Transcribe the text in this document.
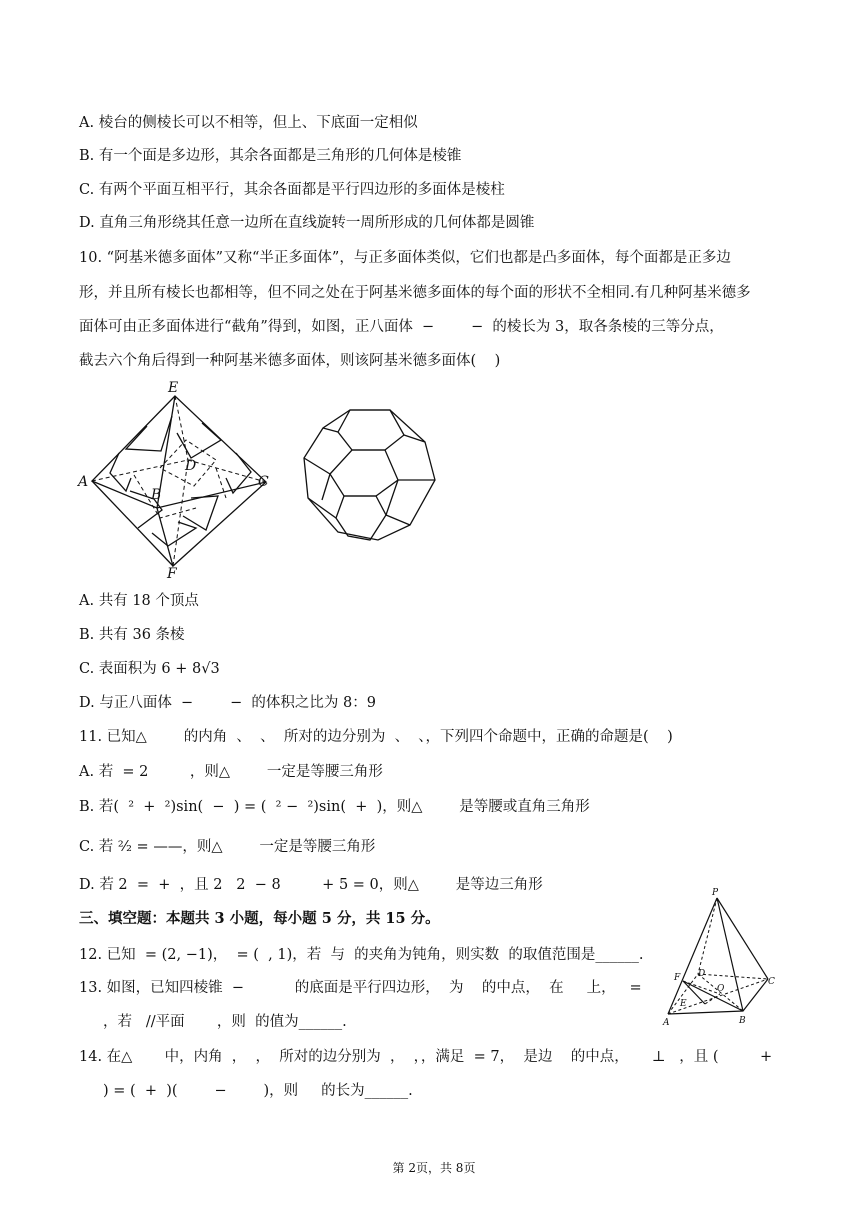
A. 棱台的侧棱长可以不相等，但上、下底面一定相似
B. 有一个面是多边形，其余各面都是三角形的几何体是棱锥
C. 有两个平面互相平行，其余各面都是平行四边形的多面体是棱柱
D. 直角三角形绕其任意一边所在直线旋转一周所形成的几何体都是圆锥
10. “阿基米德多面体”又称“半正多面体”，与正多面体类似，它们也都是凸多面体，每个面都是正多边
形，并且所有棱长也都相等，但不同之处在于阿基米德多面体的每个面的形状不全相同.有几种阿基米德多
面体可由正多面体进行“截角”得到，如图，正八面体  −        −  的棱长为 3，取各条棱的三等分点，
截去六个角后得到一种阿基米德多面体，则该阿基米德多面体(    )
E
A
B
C
D
F
A. 共有 18 个顶点
B. 共有 36 条棱
C. 表面积为 6 + 8√3
D. 与正八面体  −        −  的体积之比为 8：9
11. 已知△        的内角  、  、  所对的边分别为  、  、，下列四个命题中，正确的命题是(    )
A. 若  = 2         ，则△        一定是等腰三角形
B. 若(  ²  +  ²)sin(  −  ) = (  ² −  ²)sin(  +  )，则△        是等腰或直角三角形
C. 若 ²⁄₂ = ——，则△        一定是等腰三角形
D. 若 2  =  +  ，且 2   2  − 8         + 5 = 0，则△        是等边三角形
三、填空题：本题共 3 小题，每小题 5 分，共 15 分。
12. 已知  = (2, −1)，  = (  , 1)，若  与  的夹角为钝角，则实数  的取值范围是______.
13. 如图，已知四棱锥  −           的底面是平行四边形，  为    的中点，  在     上，   =
，若   //平面       ，则  的值为______.
P
D
C
F
O
E
A	B
14. 在△       中，内角  ，  ，  所对的边分别为  ，  ，，满足  = 7，  是边    的中点，     ⊥   ，且 (         +
) = (  +  )(        −        )，则     的长为______.
第 2页，共 8页
